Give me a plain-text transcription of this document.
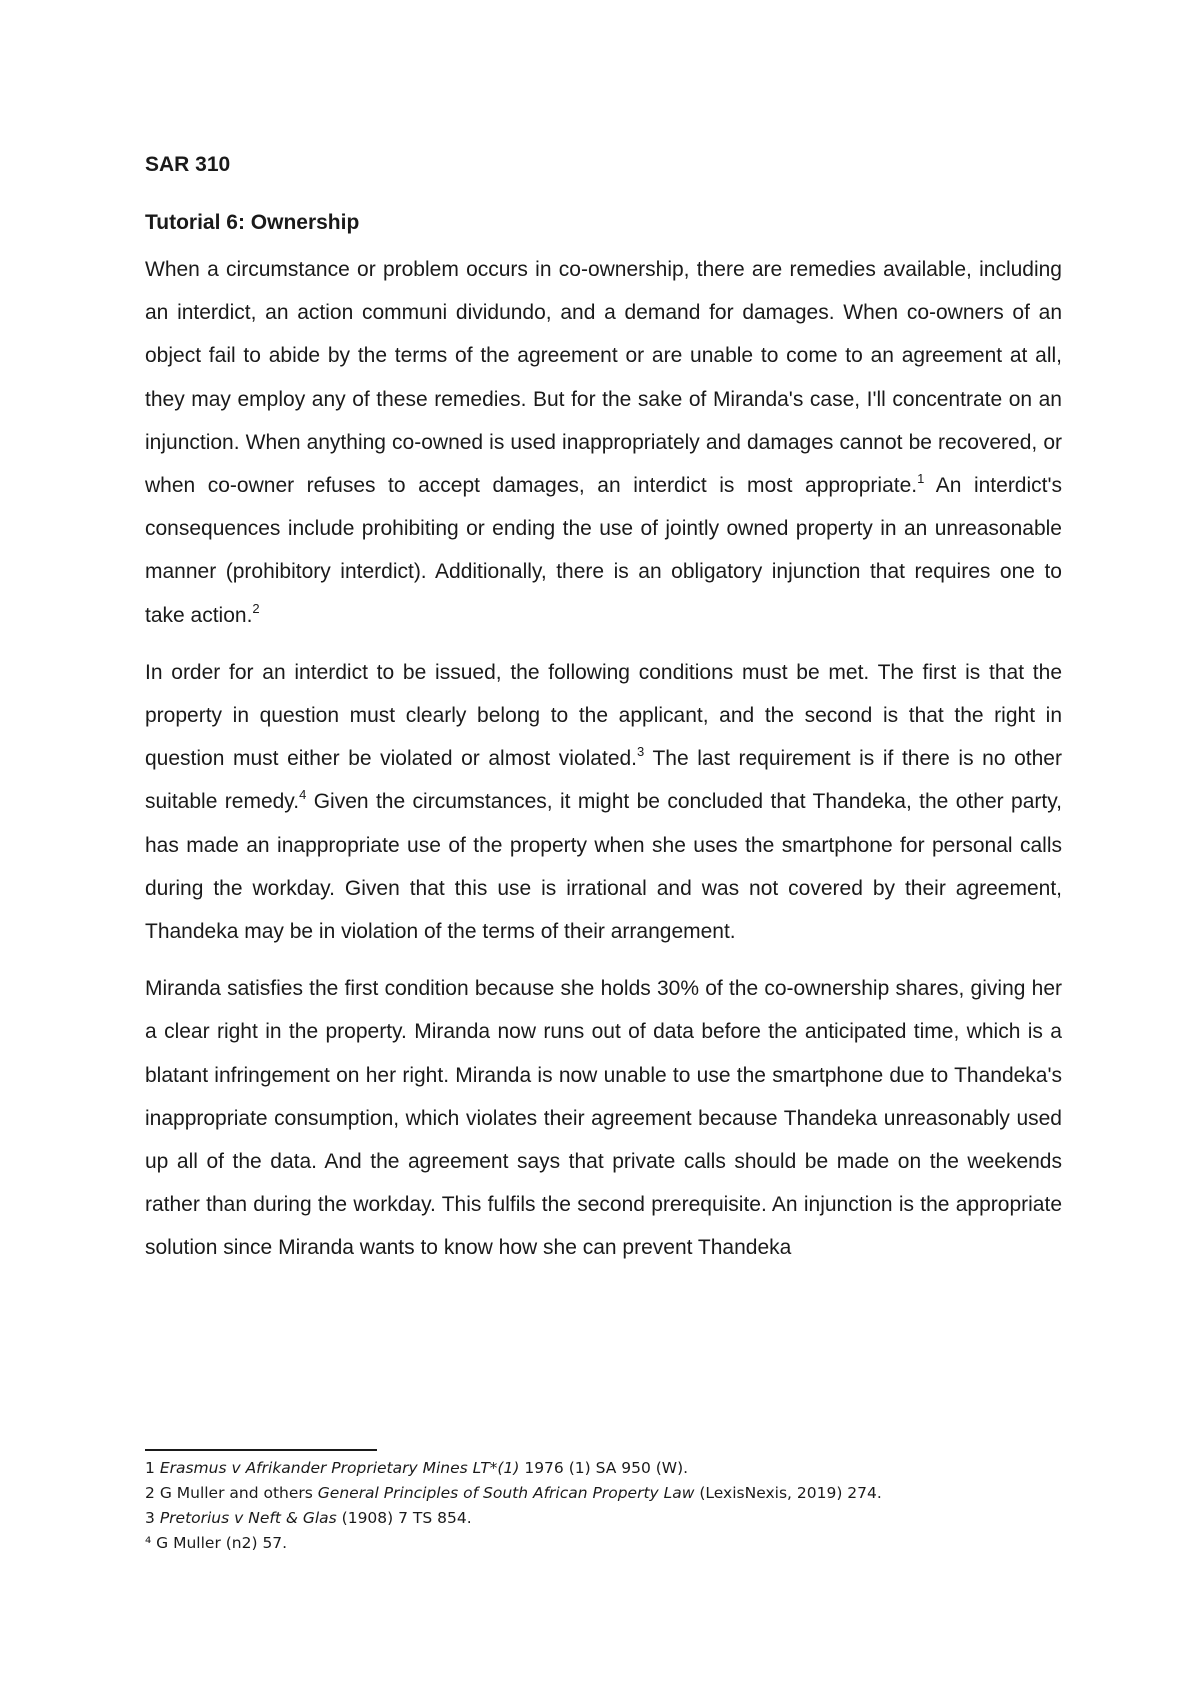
SAR 310

Tutorial 6: Ownership

When a circumstance or problem occurs in co-ownership, there are remedies available, including an interdict, an action communi dividundo, and a demand for damages. When co-owners of an object fail to abide by the terms of the agreement or are unable to come to an agreement at all, they may employ any of these remedies. But for the sake of Miranda's case, I'll concentrate on an injunction. When anything co-owned is used inappropriately and damages cannot be recovered, or when co-owner refuses to accept damages, an interdict is most appropriate.$^1$ An interdict's consequences include prohibiting or ending the use of jointly owned property in an unreasonable manner (prohibitory interdict). Additionally, there is an obligatory injunction that requires one to take action.$^2$

In order for an interdict to be issued, the following conditions must be met. The first is that the property in question must clearly belong to the applicant, and the second is that the right in question must either be violated or almost violated.$^3$ The last requirement is if there is no other suitable remedy.$^4$ Given the circumstances, it might be concluded that Thandeka, the other party, has made an inappropriate use of the property when she uses the smartphone for personal calls during the workday. Given that this use is irrational and was not covered by their agreement, Thandeka may be in violation of the terms of their arrangement.

Miranda satisfies the first condition because she holds 30% of the co-ownership shares, giving her a clear right in the property. Miranda now runs out of data before the anticipated time, which is a blatant infringement on her right. Miranda is now unable to use the smartphone due to Thandeka's inappropriate consumption, which violates their agreement because Thandeka unreasonably used up all of the data. And the agreement says that private calls should be made on the weekends rather than during the workday. This fulfils the second prerequisite. An injunction is the appropriate solution since Miranda wants to know how she can prevent Thandeka

1 Erasmus v Afrikander Proprietary Mines LT*(1) 1976 (1) SA 950 (W).

2 G Muller and others General Principles of South African Property Law (LexisNexis, 2019) 274.

3 Pretorius v Neft & Glas (1908) 7 TS 854.

⁴ G Muller (n2) 57.
